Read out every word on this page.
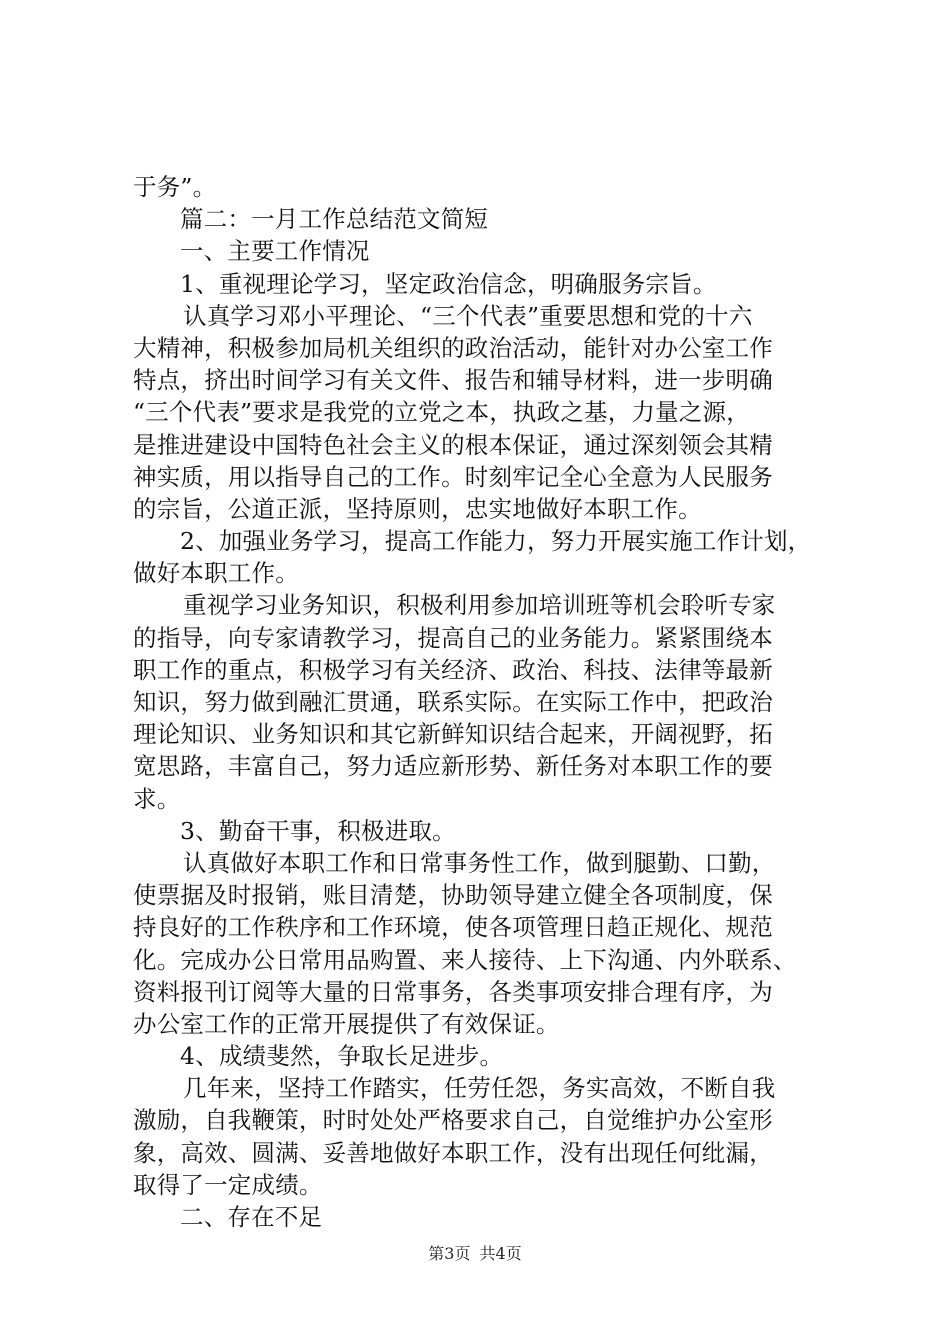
于务”。
篇二：一月工作总结范文简短
一、主要工作情况
1、重视理论学习，坚定政治信念，明确服务宗旨。
认真学习邓小平理论、“三个代表”重要思想和党的十六
大精神，积极参加局机关组织的政治活动，能针对办公室工作
特点，挤出时间学习有关文件、报告和辅导材料，进一步明确
“三个代表”要求是我党的立党之本，执政之基，力量之源，
是推进建设中国特色社会主义的根本保证，通过深刻领会其精
神实质，用以指导自己的工作。时刻牢记全心全意为人民服务
的宗旨，公道正派，坚持原则，忠实地做好本职工作。
2、加强业务学习，提高工作能力，努力开展实施工作计划，
做好本职工作。
重视学习业务知识，积极利用参加培训班等机会聆听专家
的指导，向专家请教学习，提高自己的业务能力。紧紧围绕本
职工作的重点，积极学习有关经济、政治、科技、法律等最新
知识，努力做到融汇贯通，联系实际。在实际工作中，把政治
理论知识、业务知识和其它新鲜知识结合起来，开阔视野，拓
宽思路，丰富自己，努力适应新形势、新任务对本职工作的要
求。
3、勤奋干事，积极进取。
认真做好本职工作和日常事务性工作，做到腿勤、口勤，
使票据及时报销，账目清楚，协助领导建立健全各项制度，保
持良好的工作秩序和工作环境，使各项管理日趋正规化、规范
化。完成办公日常用品购置、来人接待、上下沟通、内外联系、
资料报刊订阅等大量的日常事务，各类事项安排合理有序，为
办公室工作的正常开展提供了有效保证。
4、成绩斐然，争取长足进步。
几年来，坚持工作踏实，任劳任怨，务实高效，不断自我
激励，自我鞭策，时时处处严格要求自己，自觉维护办公室形
象，高效、圆满、妥善地做好本职工作，没有出现任何纰漏，
取得了一定成绩。
二、存在不足
第3页 共4页
